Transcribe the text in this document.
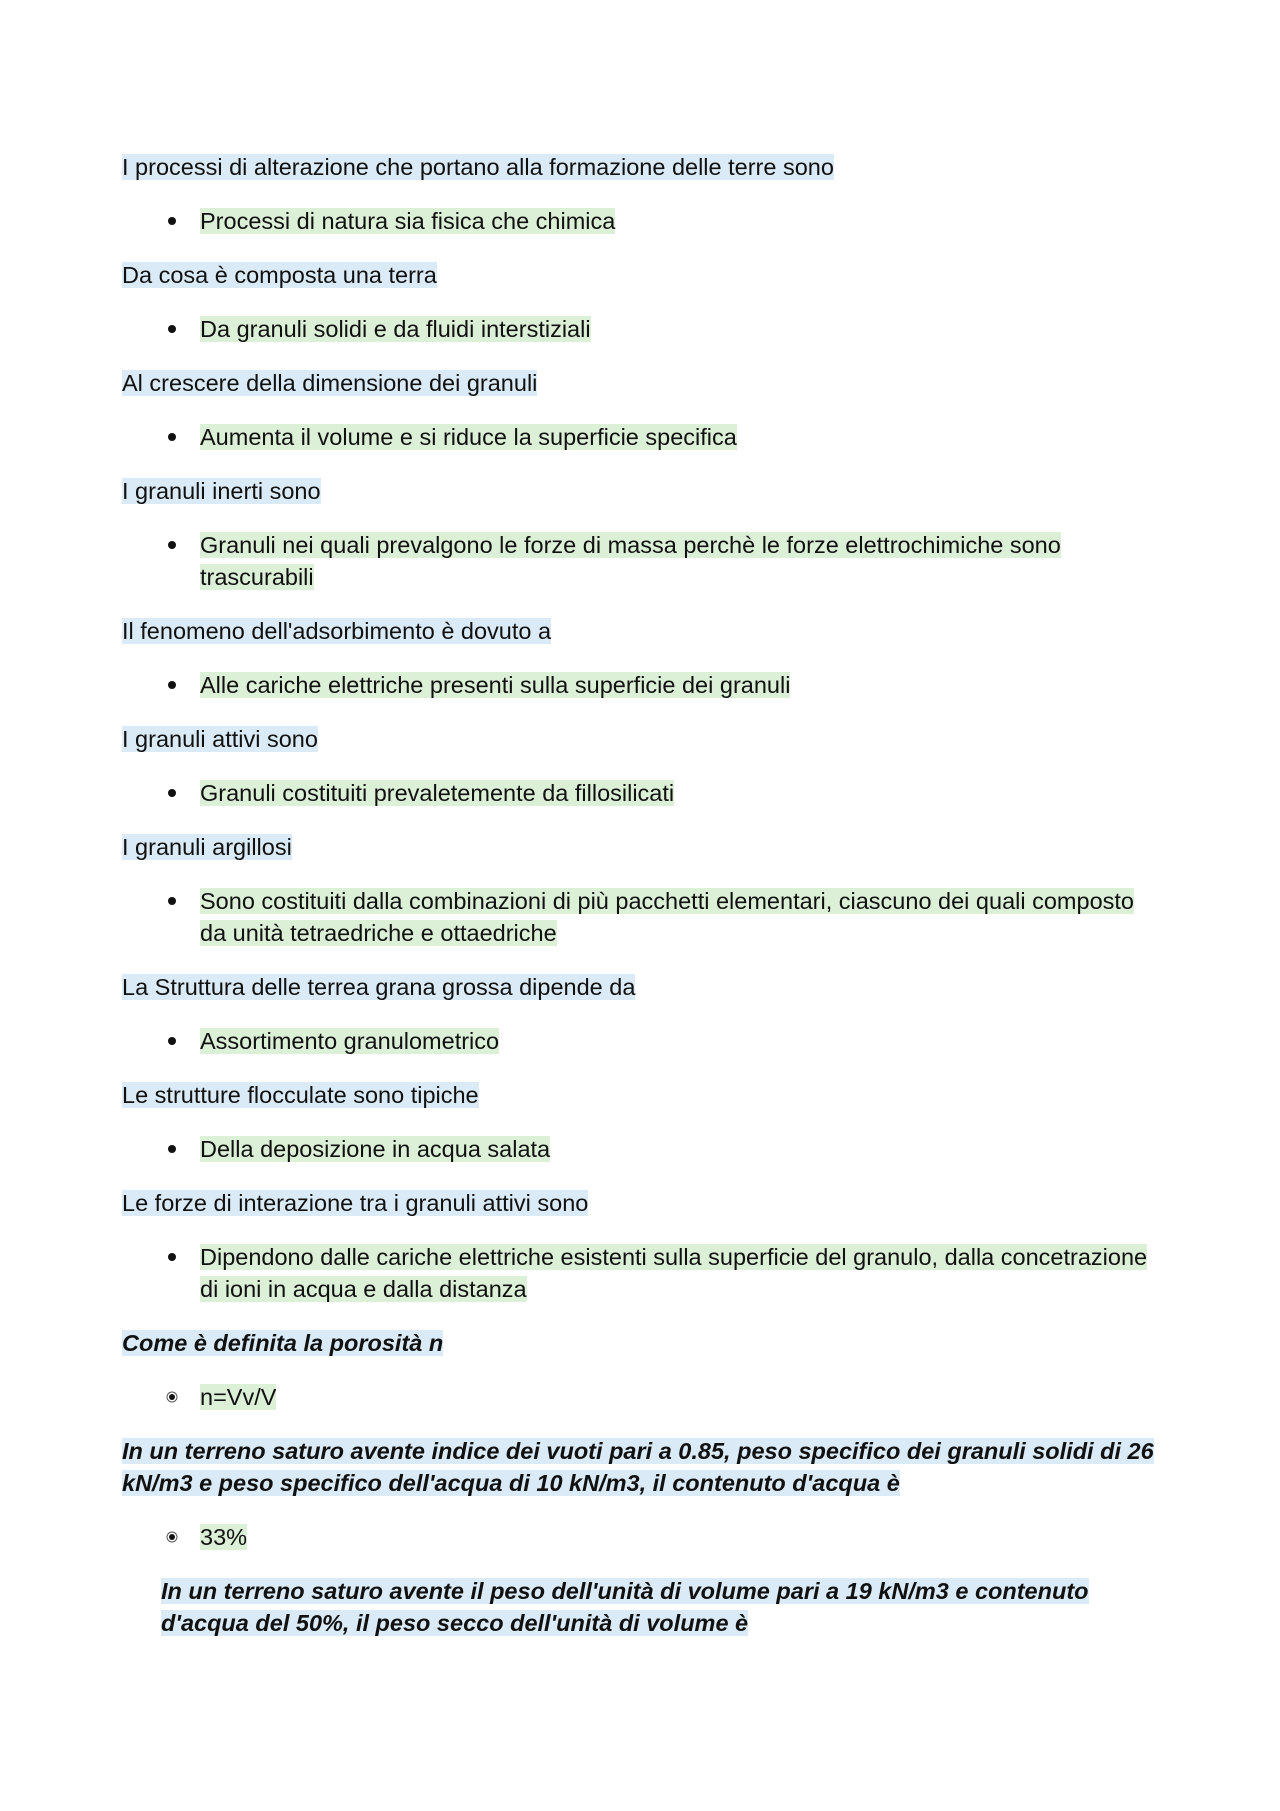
I processi di alterazione che portano alla formazione delle terre sono
Processi di natura sia fisica che chimica
Da cosa è composta una terra
Da granuli solidi e da fluidi interstiziali
Al crescere della dimensione dei granuli
Aumenta il volume e si riduce la superficie specifica
I granuli inerti sono
Granuli nei quali prevalgono le forze di massa perchè le forze elettrochimiche sono trascurabili
Il fenomeno dell'adsorbimento è dovuto a
Alle cariche elettriche presenti sulla superficie dei granuli
I granuli attivi sono
Granuli costituiti prevaletemente da fillosilicati
I granuli argillosi
Sono costituiti dalla combinazioni di più pacchetti elementari, ciascuno dei quali composto da unità tetraedriche e ottaedriche
La Struttura delle terrea grana grossa dipende da
Assortimento granulometrico
Le strutture flocculate sono tipiche
Della deposizione in acqua salata
Le forze di interazione tra i granuli attivi sono
Dipendono dalle cariche elettriche esistenti sulla superficie del granulo, dalla concetrazione di ioni in acqua e dalla distanza
Come è definita la porosità n
n=Vv/V
In un terreno saturo avente indice dei vuoti pari a 0.85, peso specifico dei granuli solidi di 26 kN/m3 e peso specifico dell'acqua di 10 kN/m3, il contenuto d'acqua è
33%
In un terreno saturo avente il peso dell'unità di volume pari a 19 kN/m3 e contenuto d'acqua del 50%, il peso secco dell'unità di volume è
